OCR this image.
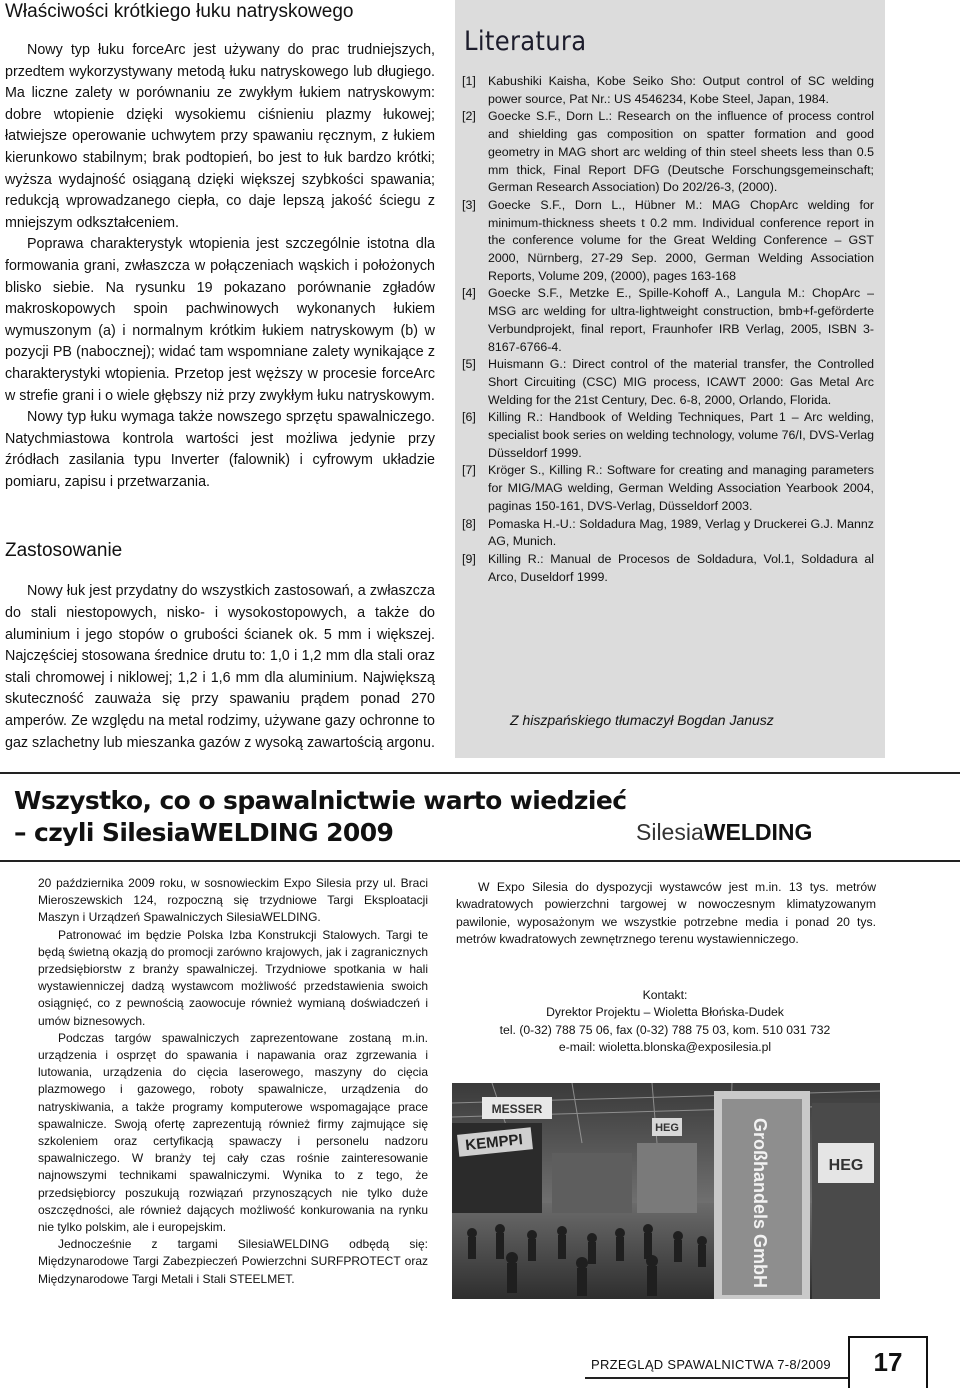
Właściwości krótkiego łuku natryskowego

Nowy typ łuku forceArc jest używany do prac trudniejszych, przedtem wykorzystywany metodą łuku natryskowego lub długiego. Ma liczne zalety w porównaniu ze zwykłym łukiem natryskowym: dobre wtopienie dzięki wysokiemu ciśnieniu plazmy łukowej; łatwiejsze operowanie uchwytem przy spawaniu ręcznym, z łukiem kierunkowo stabilnym; brak podtopień, bo jest to łuk bardzo krótki; wyższa wydajność osiąganą dzięki większej szybkości spawania; redukcją wprowadzanego ciepła, co daje lepszą jakość ściegu z mniejszym odkształceniem.

Poprawa charakterystyk wtopienia jest szczególnie istotna dla formowania grani, zwłaszcza w połączeniach wąskich i położonych blisko siebie. Na rysunku 19 pokazano porównanie zgładów makroskopowych spoin pachwinowych wykonanych łukiem wymuszonym (a) i normalnym krótkim łukiem natryskowym (b) w pozycji PB (nabocznej); widać tam wspomniane zalety wynikające z charakterystyki wtopienia. Przetop jest węższy w procesie forceArc w strefie grani i o wiele głębszy niż przy zwykłym łuku natryskowym.

Nowy typ łuku wymaga także nowszego sprzętu spawalniczego. Natychmiastowa kontrola wartości jest możliwa jedynie przy źródłach zasilania typu Inverter (falownik) i cyfrowym układzie pomiaru, zapisu i przetwarzania.

Zastosowanie

Nowy łuk jest przydatny do wszystkich zastosowań, a zwłaszcza do stali niestopowych, nisko- i wysokostopowych, a także do aluminium i jego stopów o grubości ścianek ok. 5 mm i większej. Najczęściej stosowana średnice drutu to: 1,0 i 1,2 mm dla stali oraz stali chromowej i niklowej; 1,2 i 1,6 mm dla aluminium. Największą skuteczność zauważa się przy spawaniu prądem ponad 270 amperów. Ze względu na metal rodzimy, używane gazy ochronne to gaz szlachetny lub mieszanka gazów z wysoką zawartością argonu.

Literatura
[1] Kabushiki Kaisha, Kobe Seiko Sho: Output control of SC welding power source, Pat Nr.: US 4546234, Kobe Steel, Japan, 1984.
[2] Goecke S.F., Dorn L.: Research on the influence of process control and shielding gas composition on spatter formation and good geometry in MAG short arc welding of thin steel sheets less than 0.5 mm thick, Final Report DFG (Deutsche Forschungsgemeinschaft; German Research Association) Do 202/26-3, (2000).
[3] Goecke S.F., Dorn L., Hübner M.: MAG ChopArc welding for minimum-thickness sheets t 0.2 mm. Individual conference report in the conference volume for the Great Welding Conference – GST 2000, Nürnberg, 27-29 Sep. 2000, German Welding Association Reports, Volume 209, (2000), pages 163-168
[4] Goecke S.F., Metzke E., Spille-Kohoff A., Langula M.: ChopArc – MSG arc welding for ultra-lightweight construction, bmb+f-geförderte Verbundprojekt, final report, Fraunhofer IRB Verlag, 2005, ISBN 3-8167-6766-4.
[5] Huismann G.: Direct control of the material transfer, the Controlled Short Circuiting (CSC) MIG process, ICAWT 2000: Gas Metal Arc Welding for the 21st Century, Dec. 6-8, 2000, Orlando, Florida.
[6] Killing R.: Handbook of Welding Techniques, Part 1 – Arc welding, specialist book series on welding technology, volume 76/I, DVS-Verlag Düsseldorf 1999.
[7] Kröger S., Killing R.: Software for creating and managing parameters for MIG/MAG welding, German Welding Association Yearbook 2004, paginas 150-161, DVS-Verlag, Düsseldorf 2003.
[8] Pomaska H.-U.: Soldadura Mag, 1989, Verlag y Druckerei G.J. Mannz AG, Munich.
[9] Killing R.: Manual de Procesos de Soldadura, Vol.1, Soldadura al Arco, Duseldorf 1999.
Z hiszpańskiego tłumaczył Bogdan Janusz
Wszystko, co o spawalnictwie warto wiedzieć
– czyli SilesiaWELDING 2009	SilesiaWELDING

20 października 2009 roku, w sosnowieckim Expo Silesia przy ul. Braci Mieroszewskich 124, rozpoczną się trzydniowe Targi Eksploatacji Maszyn i Urządzeń Spawalniczych SilesiaWELDING.

Patronować im będzie Polska Izba Konstrukcji Stalowych. Targi te będą świetną okazją do promocji zarówno krajowych, jak i zagranicznych przedsiębiorstw z branży spawalniczej. Trzydniowe spotkania w hali wystawienniczej dadzą wystawcom możliwość przedstawienia swoich osiągnięć, co z pewnością zaowocuje również wymianą doświadczeń i umów biznesowych.

Podczas targów spawalniczych zaprezentowane zostaną m.in. urządzenia i osprzęt do spawania i napawania oraz zgrzewania i lutowania, urządzenia do cięcia laserowego, maszyny do cięcia plazmowego i gazowego, roboty spawalnicze, urządzenia do natryskiwania, a także programy komputerowe wspomagające prace spawalnicze. Swoją ofertę zaprezentują również firmy zajmujące się szkoleniem oraz certyfikacją spawaczy i personelu nadzoru spawalniczego. W branży tej cały czas rośnie zainteresowanie najnowszymi technikami spawalniczymi. Wynika to z tego, że przedsiębiorcy poszukują rozwiązań przynoszących nie tylko duże oszczędności, ale również dających możliwość konkurowania na rynku nie tylko polskim, ale i europejskim.

Jednocześnie z targami SilesiaWELDING odbędą się: Międzynarodowe Targi Zabezpieczeń Powierzchni SURFPROTECT oraz Międzynarodowe Targi Metali i Stali STEELMET.

W Expo Silesia do dyspozycji wystawców jest m.in. 13 tys. metrów kwadratowych powierzchni targowej w nowoczesnym klimatyzowanym pawilonie, wyposażonym we wszystkie potrzebne media i ponad 20 tys. metrów kwadratowych zewnętrznego terenu wystawienniczego.

Kontakt:
Dyrektor Projektu – Wioletta Błońska-Dudek
tel. (0-32) 788 75 06, fax (0-32) 788 75 03, kom. 510 031 732
e-mail: wioletta.blonska@exposilesia.pl
MESSER
KEMPPI
HEG	Großhandels GmbH	HEG
PRZEGLĄD SPAWALNICTWA 7-8/2009	17
